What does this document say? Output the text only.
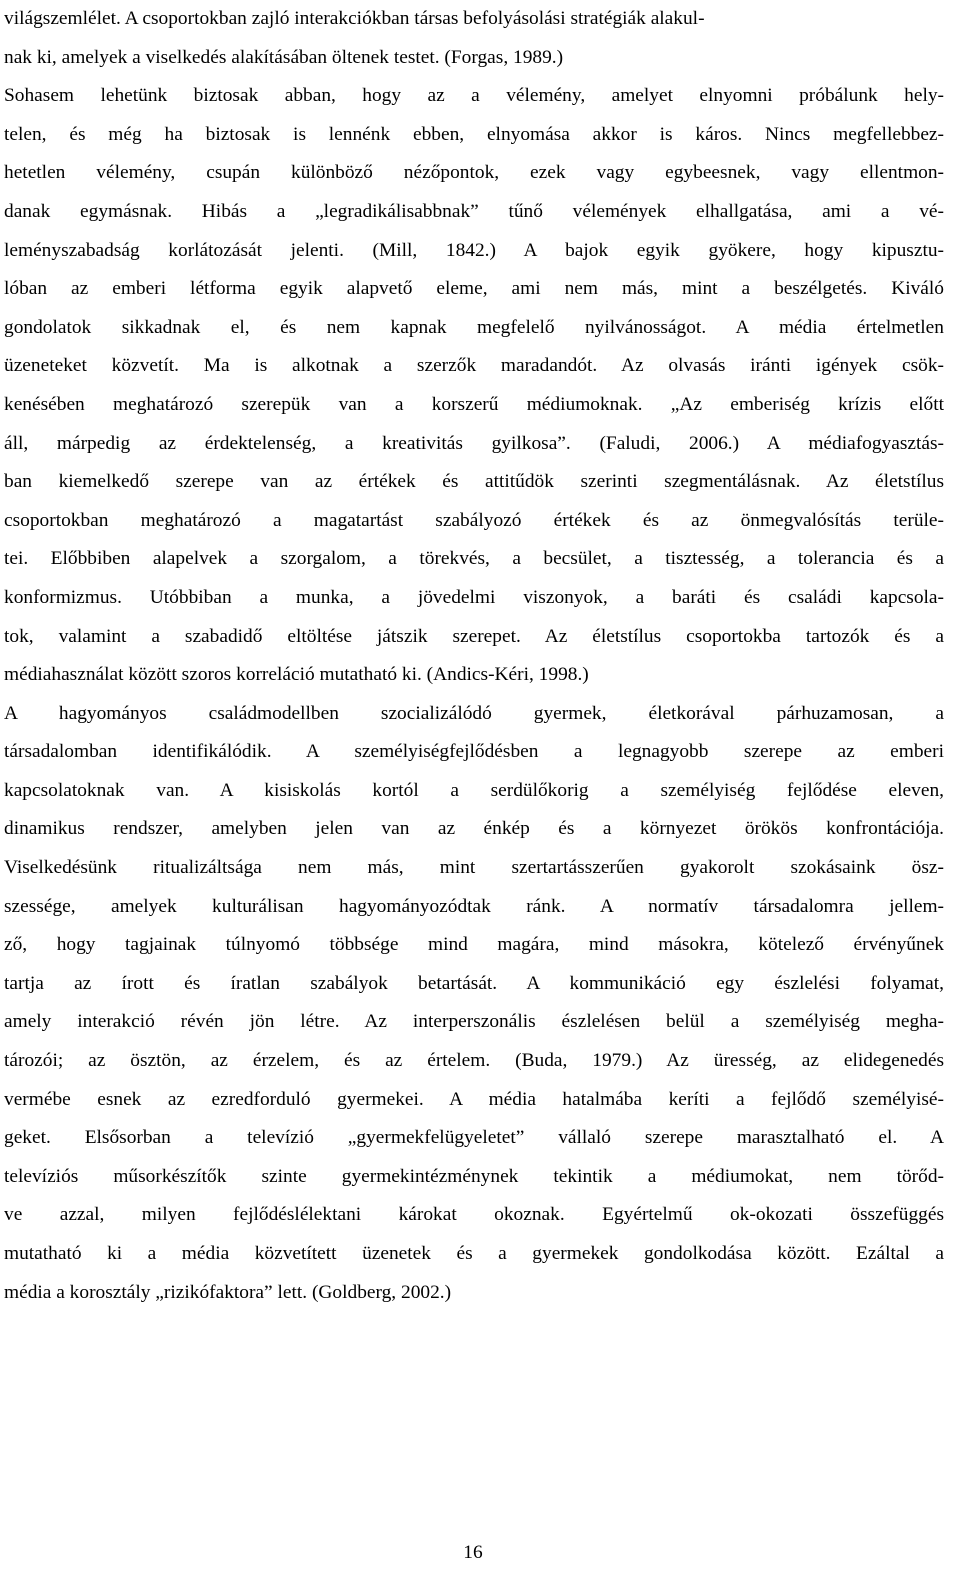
világszemlélet. A csoportokban zajló interakciókban társas befolyásolási stratégiák alakul-
nak ki, amelyek a viselkedés alakításában öltenek testet. (Forgas, 1989.)
Sohasem lehetünk biztosak abban, hogy az a vélemény, amelyet elnyomni próbálunk hely-
telen, és még ha biztosak is lennénk ebben, elnyomása akkor is káros. Nincs megfellebbez-
hetetlen vélemény, csupán különböző nézőpontok, ezek vagy egybeesnek, vagy ellentmon-
danak egymásnak. Hibás a „legradikálisabbnak” tűnő vélemények elhallgatása, ami a vé-
leményszabadság korlátozását jelenti. (Mill, 1842.) A bajok egyik gyökere, hogy kipusztu-
lóban az emberi létforma egyik alapvető eleme, ami nem más, mint a beszélgetés. Kiváló
gondolatok sikkadnak el, és nem kapnak megfelelő nyilvánosságot. A média értelmetlen
üzeneteket közvetít. Ma is alkotnak a szerzők maradandót. Az olvasás iránti igények csök-
kenésében meghatározó szerepük van a korszerű médiumoknak. „Az emberiség krízis előtt
áll, márpedig az érdektelenség, a kreativitás gyilkosa”. (Faludi, 2006.) A médiafogyasztás-
ban kiemelkedő szerepe van az értékek és attitűdök szerinti szegmentálásnak. Az életstílus
csoportokban meghatározó a magatartást szabályozó értékek és az önmegvalósítás terüle-
tei. Előbbiben alapelvek a szorgalom, a törekvés, a becsület, a tisztesség, a tolerancia és a
konformizmus. Utóbbiban a munka, a jövedelmi viszonyok, a baráti és családi kapcsola-
tok, valamint a szabadidő eltöltése játszik szerepet. Az életstílus csoportokba tartozók és a
médiahasználat között szoros korreláció mutatható ki. (Andics-Kéri, 1998.)
A hagyományos családmodellben szocializálódó gyermek, életkorával párhuzamosan, a
társadalomban identifikálódik. A személyiségfejlődésben a legnagyobb szerepe az emberi
kapcsolatoknak van. A kisiskolás kortól a serdülőkorig a személyiség fejlődése eleven,
dinamikus rendszer, amelyben jelen van az énkép és a környezet örökös konfrontációja.
Viselkedésünk ritualizáltsága nem más, mint szertartásszerűen gyakorolt szokásaink ösz-
szessége, amelyek kulturálisan hagyományozódtak ránk. A normatív társadalomra jellem-
ző, hogy tagjainak túlnyomó többsége mind magára, mind másokra, kötelező érvényűnek
tartja az írott és íratlan szabályok betartását. A kommunikáció egy észlelési folyamat,
amely interakció révén jön létre. Az interperszonális észlelésen belül a személyiség megha-
tározói; az ösztön, az érzelem, és az értelem. (Buda, 1979.) Az üresség, az elidegenedés
vermébe esnek az ezredforduló gyermekei. A média hatalmába keríti a fejlődő személyisé-
geket. Elsősorban a televízió „gyermekfelügyeletet” vállaló szerepe marasztalható el. A
televíziós műsorkészítők szinte gyermekintézménynek tekintik a médiumokat, nem törőd-
ve azzal, milyen fejlődéslélektani károkat okoznak. Egyértelmű ok-okozati összefüggés
mutatható ki a média közvetített üzenetek és a gyermekek gondolkodása között. Ezáltal a
média a korosztály „rizikófaktora” lett. (Goldberg, 2002.)
16
